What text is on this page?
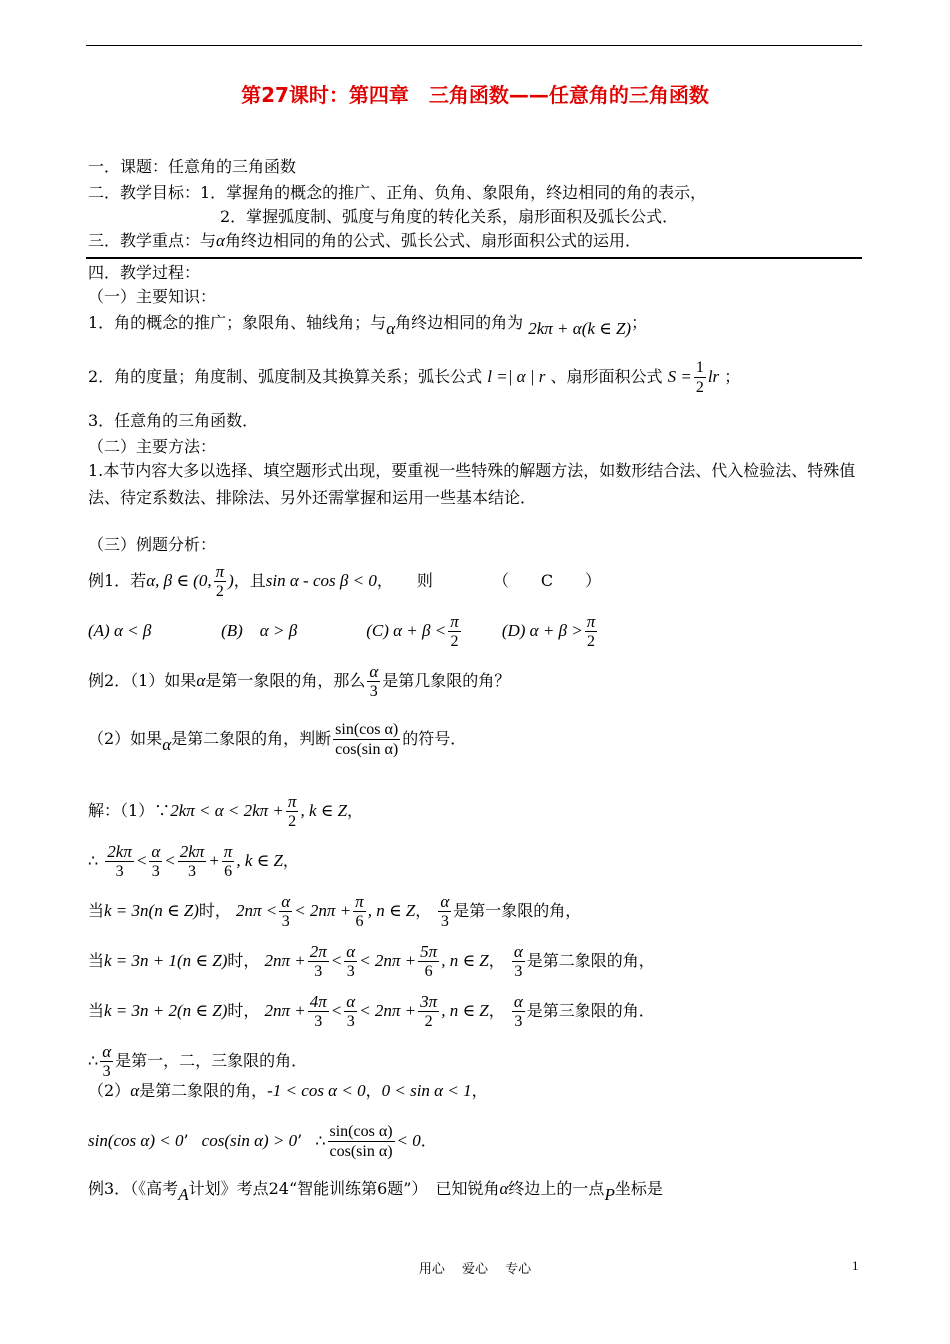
第27课时：第四章　三角函数——任意角的三角函数
一．课题：任意角的三角函数
二．教学目标：1．掌握角的概念的推广、正角、负角、象限角，终边相同的角的表示，
2．掌握弧度制、弧度与角度的转化关系，扇形面积及弧长公式．
三．教学重点：与α角终边相同的角的公式、弧长公式、扇形面积公式的运用．
四．教学过程：
（一）主要知识：
1．角的概念的推广；象限角、轴线角；与α角终边相同的角为 2kπ + α(k ∈ Z)；
2．角的度量；角度制、弧度制及其换算关系；弧长公式 l =| α | r 、扇形面积公式 $S = \frac{1}{2}$ lr ；
3．任意角的三角函数．
（二）主要方法：
1.本节内容大多以选择、填空题形式出现，要重视一些特殊的解题方法，如数形结合法、代入检验法、特殊值法、待定系数法、排除法、另外还需掌握和运用一些基本结论．
（三）例题分析：
例1．若α, β ∈ (0, $\frac{\pi}{2}$ )，且sin α - cos β < 0，　　则	（　　C　　）
(A) α < β	(B)　α > β	(C) $\alpha + \beta < \frac{\pi}{2} (D) \alpha + \beta > \frac{\pi}{2}$
例2．（1）如果α是第一象限的角，那么 $\frac{\alpha}{3}$ 是第几象限的角？
（2）如果α是第二象限的角，判断 $\frac{\text{sin(cos α)}}{\text{cos(sin α)}}$ 的符号．
解：（1）∵2kπ < $\alpha < 2k\pi + \frac{\pi}{2}$ , k ∈ Z，
∴ $\frac{2k\pi}{3} < \frac{\alpha}{3} < \frac{2k\pi}{3} + \frac{\pi}{6}$ , k ∈ Z，
当k = 3n(n ∈ Z)时， $2n\pi < \frac{\alpha}{3} < 2n\pi + \frac{\pi}{6}$ , n ∈ Z， $\frac{\alpha}{3}$ 是第一象限的角，
当k = 3n + 1(n ∈ Z)时， $2n\pi + \frac{2\pi}{3} < \frac{\alpha}{3} < 2n\pi + \frac{5\pi}{6}$ , n ∈ Z， $\frac{\alpha}{3}$ 是第二象限的角，
当k = 3n + 2(n ∈ Z)时， $2n\pi + \frac{4\pi}{3} < \frac{\alpha}{3} < 2n\pi + \frac{3\pi}{2}$ , n ∈ Z， $\frac{\alpha}{3}$ 是第三象限的角．
∴ $\frac{\alpha}{3}$ 是第一，二，三象限的角．
（2）α是第二象限的角，-1 < cos α < 0，0 < sin α < 1，
sin(cos α) < 0’ cos(sin α) > 0’ ∴ $\frac{\text{sin(cos α)}}{\text{cos(sin α)}} < 0$．
例3．（《高考A计划》考点24“智能训练第6题”）　已知锐角α终边上的一点P坐标是
用心　 爱心　 专心	1
